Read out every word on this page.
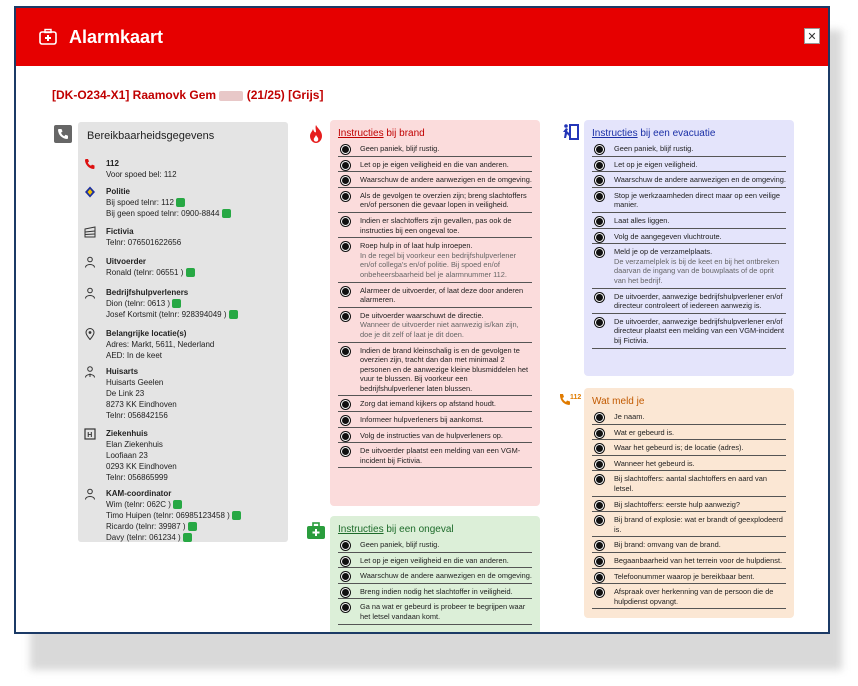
Alarmkaart	✕
[DK-O234-X1] Raamovk Gem	(21/25) [Grijs]
Bereikbaarheidsgegevens
112
Voor spoed bel: 112
Politie
Bij spoed telnr: 112
Bij geen spoed telnr: 0900-8844
Fictivia
Telnr: 076501622656
Uitvoerder
Ronald (telnr: 06551 )
Bedrijfshulpverleners
Dion (telnr: 0613 )
Josef Kortsmit (telnr: 928394049 )
Belangrijke locatie(s)
Adres: Markt, 5611, Nederland
AED: In de keet
Huisarts
Huisarts Geelen
De Link 23
8273 KK Eindhoven
Telnr: 056842156
H Ziekenhuis
Elan Ziekenhuis
Loofiaan 23
0293 KK Eindhoven
Telnr: 056865999
KAM-coordinator
Wim (telnr: 062C )
Timo Huipen (telnr: 06985123458 )
Ricardo (telnr: 39987 )
Davy (telnr: 061234 )
Instructies bij brand
Geen paniek, blijf rustig.
Let op je eigen veiligheid en die van anderen.
Waarschuw de andere aanwezigen en de omgeving.
Als de gevolgen te overzien zijn; breng slachtoffers en/of personen die gevaar lopen in veiligheid.
Indien er slachtoffers zijn gevallen, pas ook de instructies bij een ongeval toe.
Roep hulp in of laat hulp inroepen.
In de regel bij voorkeur een bedrijfshulpverlener en/of collega's en/of politie. Bij spoed en/of onbeheersbaarheid bel je alarmnummer 112.
Alarmeer de uitvoerder, of laat deze door anderen alarmeren.
De uitvoerder waarschuwt de directie.
Wanneer de uitvoerder niet aanwezig is/kan zijn, doe je dit zelf of laat je dit doen.
Indien de brand kleinschalig is en de gevolgen te overzien zijn, tracht dan dan met minimaal 2 personen en de aanwezige kleine blusmiddelen het vuur te blussen. Bij voorkeur een bedrijfshulpverlener laten blussen.
Zorg dat iemand kijkers op afstand houdt.
Informeer hulpverleners bij aankomst.
Volg de instructies van de hulpverleners op.
De uitvoerder plaatst een melding van een VGM-incident bij Fictivia.
Instructies bij een ongeval
Geen paniek, blijf rustig.
Let op je eigen veiligheid en die van anderen.
Waarschuw de andere aanwezigen en de omgeving.
Breng indien nodig het slachtoffer in veiligheid.
Ga na wat er gebeurd is probeer te begrijpen waar het letsel vandaan komt.
Instructies bij een evacuatie
Geen paniek, blijf rustig.
Let op je eigen veiligheid.
Waarschuw de andere aanwezigen en de omgeving.
Stop je werkzaamheden direct maar op een veilige manier.
Laat alles liggen.
Volg de aangegeven vluchtroute.
Meld je op de verzamelplaats.
De verzamelplek is bij de keet en bij het ontbreken daarvan de ingang van de bouwplaats of de oprit van het bedrijf.
De uitvoerder, aanwezige bedrijfshulpverlener en/of directeur controleert of iedereen aanwezig is.
De uitvoerder, aanwezige bedrijfshulpverlener en/of directeur plaatst een melding van een VGM-incident bij Fictivia.
112 Wat meld je
Je naam.
Wat er gebeurd is.
Waar het gebeurd is; de locatie (adres).
Wanneer het gebeurd is.
Bij slachtoffers: aantal slachtoffers en aard van letsel.
Bij slachtoffers: eerste hulp aanwezig?
Bij brand of explosie: wat er brandt of geexplodeerd is.
Bij brand: omvang van de brand.
Begaanbaarheid van het terrein voor de hulpdienst.
Telefoonummer waarop je bereikbaar bent.
Afspraak over herkenning van de persoon die de hulpdienst opvangt.
